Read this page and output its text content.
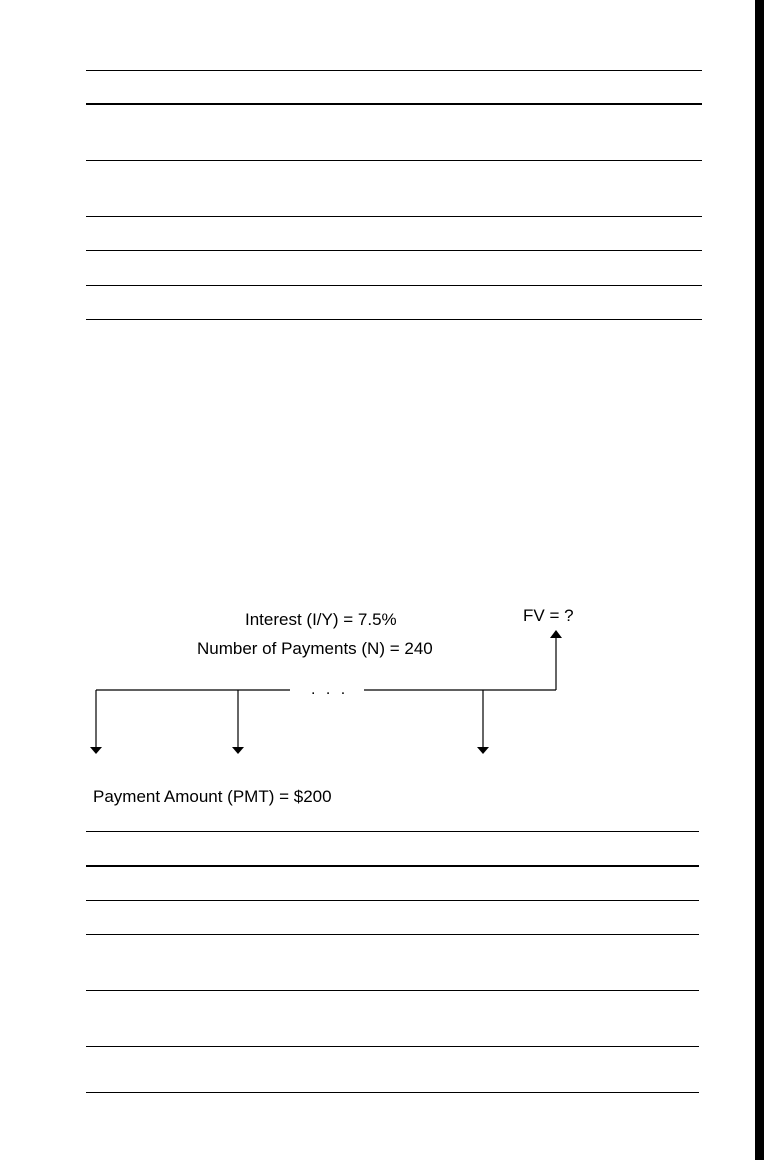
Interest (I/Y) = 7.5%
Number of Payments (N) = 240
FV = ?
. . .
Payment Amount (PMT) = $200
